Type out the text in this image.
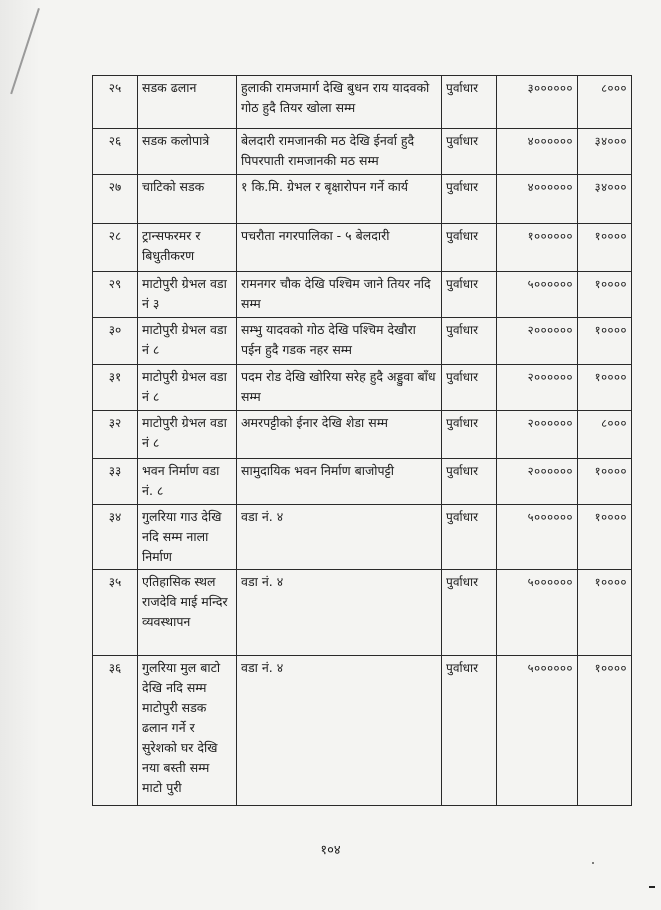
२५	सडक ढलान	हुलाकी रामजमार्ग देखि बुधन राय यादवको गोठ हुदै तियर खोला सम्म	पुर्वाधार	३००००००	८०००
२६	सडक कलोपात्रे	बेलदारी रामजानकी मठ देखि ईनर्वा हुदै पिपरपाती रामजानकी मठ सम्म	पुर्वाधार	४००००००	३४०००
२७	चाटिको सडक	१ कि.मि. ग्रेभल र बृक्षारोपन गर्ने कार्य	पुर्वाधार	४००००००	३४०००
२८	ट्रान्सफरमर र बिधुतीकरण	पचरौता नगरपालिका - ५ बेलदारी	पुर्वाधार	१००००००	१००००
२९	माटोपुरी ग्रेभल वडा नं ३	रामनगर चौक देखि पश्चिम जाने तियर नदि सम्म	पुर्वाधार	५००००००	१००००
३०	माटोपुरी ग्रेभल वडा नं ८	सम्भु यादवको गोठ देखि पश्चिम देखौरा पईन हुदै गडक नहर सम्म	पुर्वाधार	२००००००	१००००
३१	माटोपुरी ग्रेभल वडा नं ८	पदम रोड देखि खोरिया सरेह हुदै अड्डुवा बाँध सम्म	पुर्वाधार	२००००००	१००००
३२	माटोपुरी ग्रेभल वडा नं ८	अमरपट्टीको ईनार देखि शेडा सम्म	पुर्वाधार	२००००००	८०००
३३	भवन निर्माण वडा नं. ८	सामुदायिक भवन निर्माण बाजोपट्टी	पुर्वाधार	२००००००	१००००
३४	गुलरिया गाउ देखि नदि सम्म नाला निर्माण	वडा नं. ४	पुर्वाधार	५००००००	१००००
३५	एतिहासिक स्थल राजदेवि माई मन्दिर व्यवस्थापन	वडा नं. ४	पुर्वाधार	५००००००	१००००
३६	गुलरिया मुल बाटो देखि नदि सम्म माटोपुरी सडक ढलान गर्ने र सुरेशको घर देखि नया बस्ती सम्म माटो पुरी	वडा नं. ४	पुर्वाधार	५००००००	१००००
१०४
